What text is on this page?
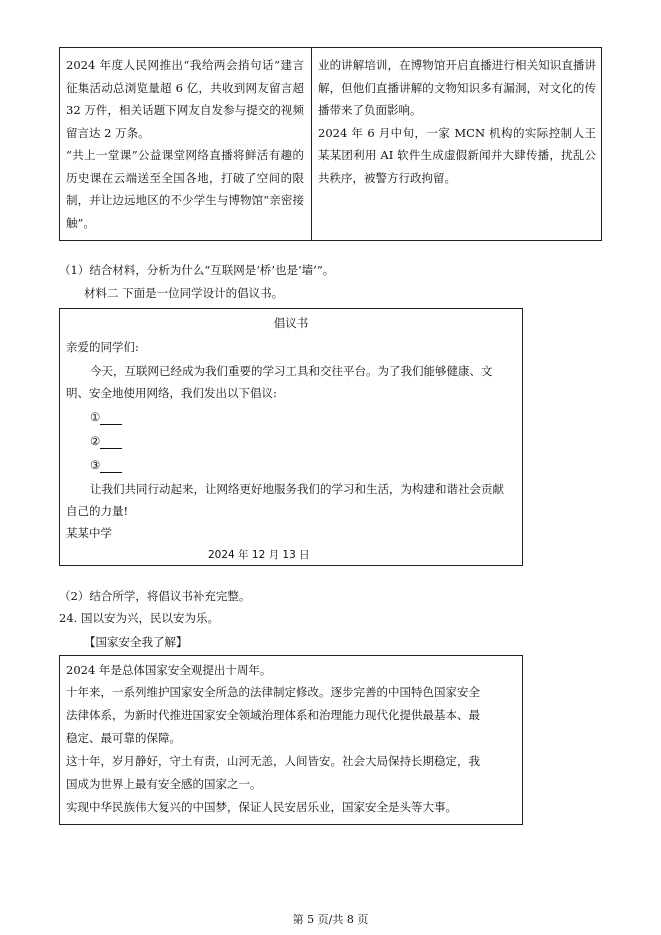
2024 年度人民网推出“我给两会捎句话”建言征集活动总浏览量超 6 亿，共收到网友留言超 32 万件，相关话题下网友自发参与提交的视频留言达 2 万条。

“共上一堂课”公益课堂网络直播将鲜活有趣的历史课在云端送至全国各地，打破了空间的限制，并让边远地区的不少学生与博物馆“亲密接触”。

业的讲解培训，在博物馆开启直播进行相关知识直播讲解，但他们直播讲解的文物知识多有漏洞，对文化的传播带来了负面影响。

2024 年 6 月中旬，一家 MCN 机构的实际控制人王某某团利用 AI 软件生成虚假新闻并大肆传播，扰乱公共秩序，被警方行政拘留。

（1）结合材料，分析为什么“互联网是‘桥’也是‘墙’”。
材料二 下面是一位同学设计的倡议书。
倡议书
亲爱的同学们:
今天，互联网已经成为我们重要的学习工具和交往平台。为了我们能够健康、文
明、安全地使用网络，我们发出以下倡议:
①
②
③
让我们共同行动起来，让网络更好地服务我们的学习和生活，为构建和谐社会贡献
自己的力量!
某某中学
2024 年 12 月 13 日
（2）结合所学，将倡议书补充完整。
24. 国以安为兴，民以安为乐。
【国家安全我了解】
2024 年是总体国家安全观提出十周年。
十年来，一系列维护国家安全所急的法律制定修改。逐步完善的中国特色国家安全
法律体系，为新时代推进国家安全领域治理体系和治理能力现代化提供最基本、最
稳定、最可靠的保障。
这十年，岁月静好，守土有责，山河无恙，人间皆安。社会大局保持长期稳定，我
国成为世界上最有安全感的国家之一。
实现中华民族伟大复兴的中国梦，保证人民安居乐业，国家安全是头等大事。
第 5 页/共 8 页
